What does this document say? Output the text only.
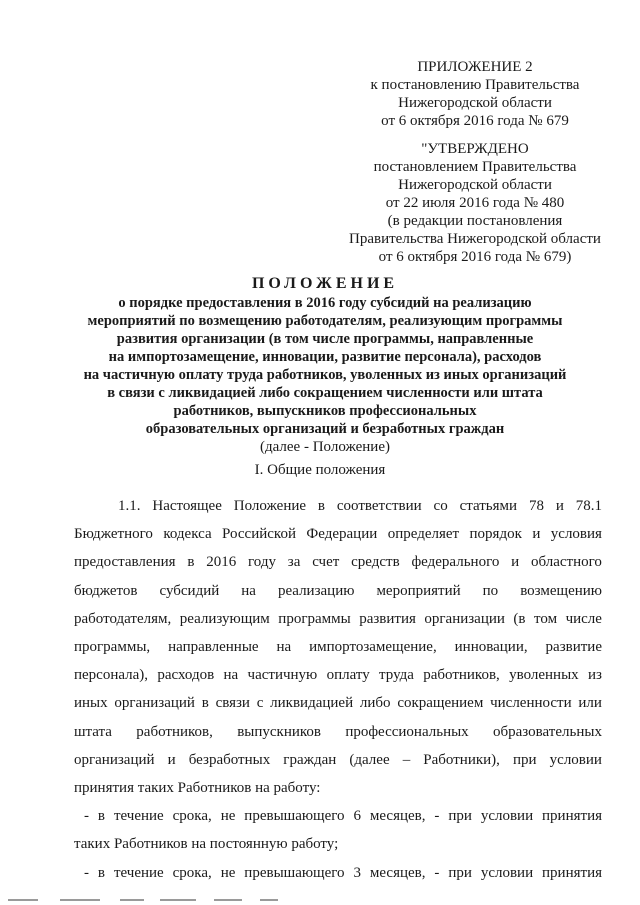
ПРИЛОЖЕНИЕ 2
к постановлению Правительства
Нижегородской области
от 6 октября 2016 года № 679
"УТВЕРЖДЕНО
постановлением Правительства
Нижегородской области
от 22 июля 2016 года № 480
(в редакции постановления
Правительства Нижегородской области
от 6 октября 2016 года № 679)
ПОЛОЖЕНИЕ
о порядке предоставления в 2016 году субсидий на реализацию
мероприятий по возмещению работодателям, реализующим программы
развития организации (в том числе программы, направленные
на импортозамещение, инновации, развитие персонала), расходов
на частичную оплату труда работников, уволенных из иных организаций
в связи с ликвидацией либо сокращением численности или штата
работников, выпускников профессиональных
образовательных организаций и безработных граждан
(далее - Положение)
I. Общие положения
1.1. Настоящее Положение в соответствии со статьями 78 и 78.1
Бюджетного кодекса Российской Федерации определяет порядок и условия
предоставления в 2016 году за счет средств федерального и областного
бюджетов субсидий на реализацию мероприятий по возмещению
работодателям, реализующим программы развития организации (в том числе
программы, направленные на импортозамещение, инновации, развитие
персонала), расходов на частичную оплату труда работников, уволенных из
иных организаций в связи с ликвидацией либо сокращением численности или
штата работников, выпускников профессиональных образовательных
организаций и безработных граждан (далее – Работники), при условии
принятия таких Работников на работу:
- в течение срока, не превышающего 6 месяцев, - при условии принятия
таких Работников на постоянную работу;
- в течение срока, не превышающего 3 месяцев, - при условии принятия
